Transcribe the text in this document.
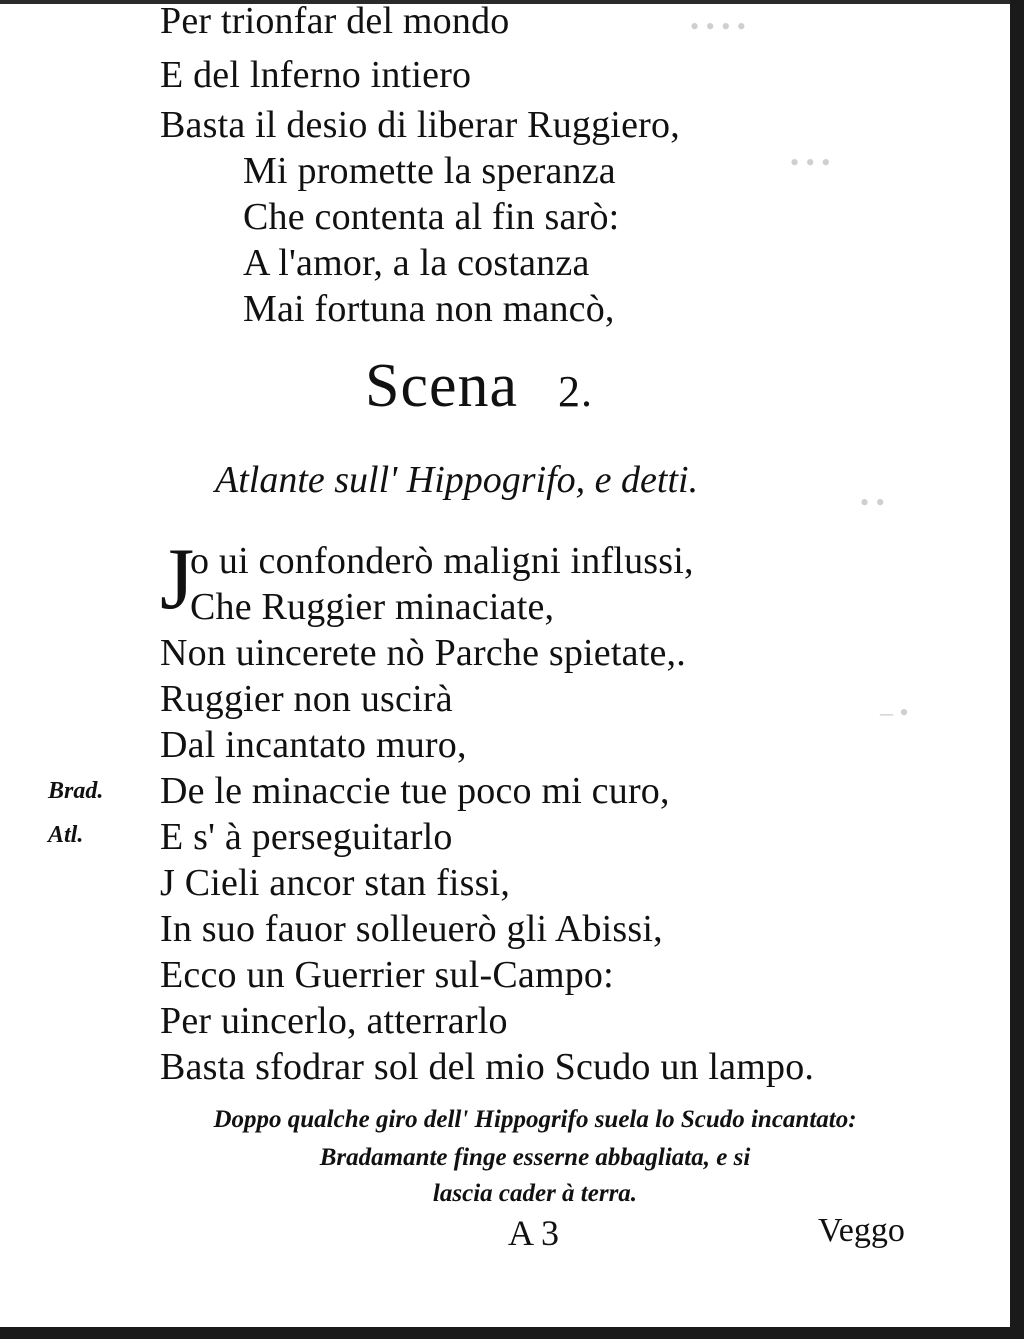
• • • •
• • •
• •
– •
Per trionfar del mondo
E del lnferno intiero
Basta il desio di liberar Ruggiero,
Mi promette la speranza
Che contenta al fin sarò:
A l'amor, a la costanza
Mai fortuna non mancò,
Scena 2.
Atlante sull' Hippogrifo, e detti.
J
o ui confonderò maligni influssi,
Che Ruggier minaciate,
Non uincerete nò Parche spietate,.
Ruggier non uscirà
Dal incantato muro,
De le minaccie tue poco mi curo,
E s' à perseguitarlo
J Cieli ancor stan fissi,
In suo fauor solleuerò gli Abissi,
Ecco un Guerrier sul-Campo:
Per uincerlo, atterrarlo
Basta sfodrar sol del mio Scudo un lampo.
Brad.
Atl.
Doppo qualche giro dell' Hippogrifo suela lo Scudo incantato:
Bradamante finge esserne abbagliata, e si
lascia cader à terra.
A 3	Veggo
